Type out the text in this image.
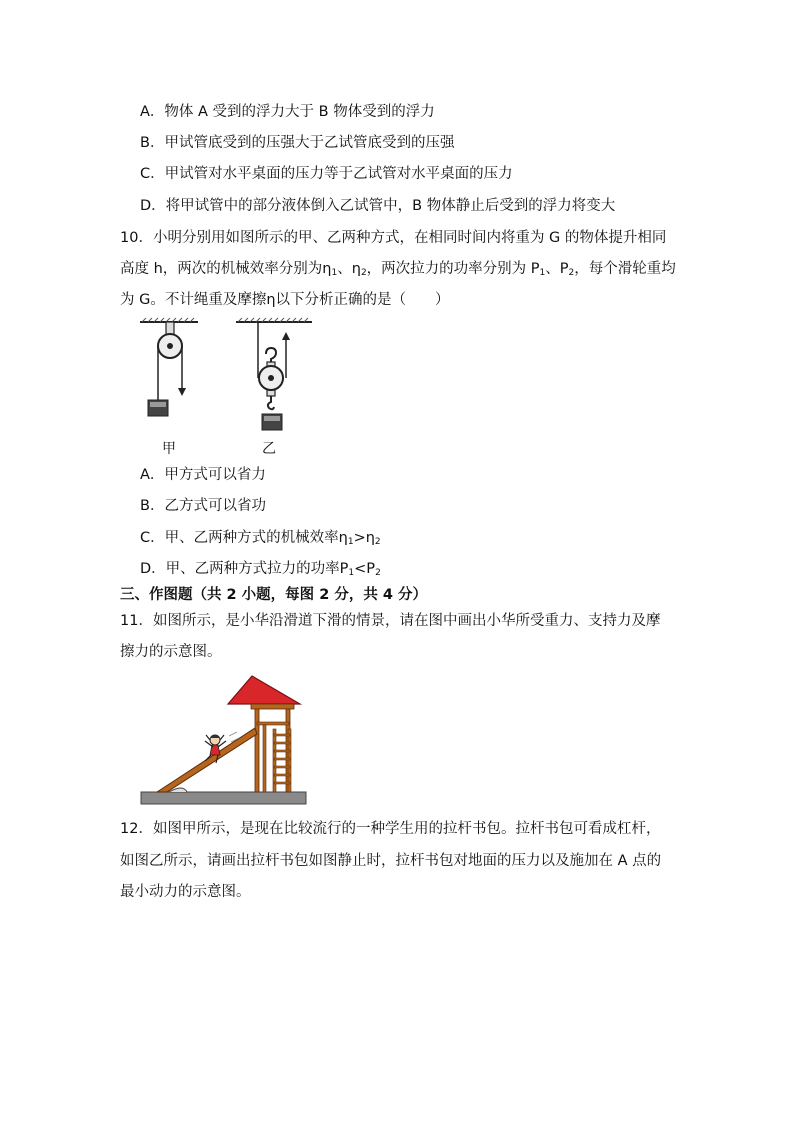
A．物体 A 受到的浮力大于 B 物体受到的浮力
B．甲试管底受到的压强大于乙试管底受到的压强
C．甲试管对水平桌面的压力等于乙试管对水平桌面的压力
D．将甲试管中的部分液体倒入乙试管中，B 物体静止后受到的浮力将变大
10．小明分别用如图所示的甲、乙两种方式，在相同时间内将重为 G 的物体提升相同
高度 h，两次的机械效率分别为$\eta_1$、$\eta_2$，两次拉力的功率分别为 $P_1$、$P_2$，每个滑轮重均
为 G。不计绳重及摩擦η以下分析正确的是（　　）
甲	乙
A．甲方式可以省力
B．乙方式可以省功
C．甲、乙两种方式的机械效率$\eta_1>\eta_2$
D．甲、乙两种方式拉力的功率$P_1<P_2$
三、作图题（共 2 小题，每图 2 分，共 4 分）
11．如图所示，是小华沿滑道下滑的情景，请在图中画出小华所受重力、支持力及摩
擦力的示意图。
12．如图甲所示，是现在比较流行的一种学生用的拉杆书包。拉杆书包可看成杠杆，
如图乙所示，请画出拉杆书包如图静止时，拉杆书包对地面的压力以及施加在 A 点的
最小动力的示意图。
